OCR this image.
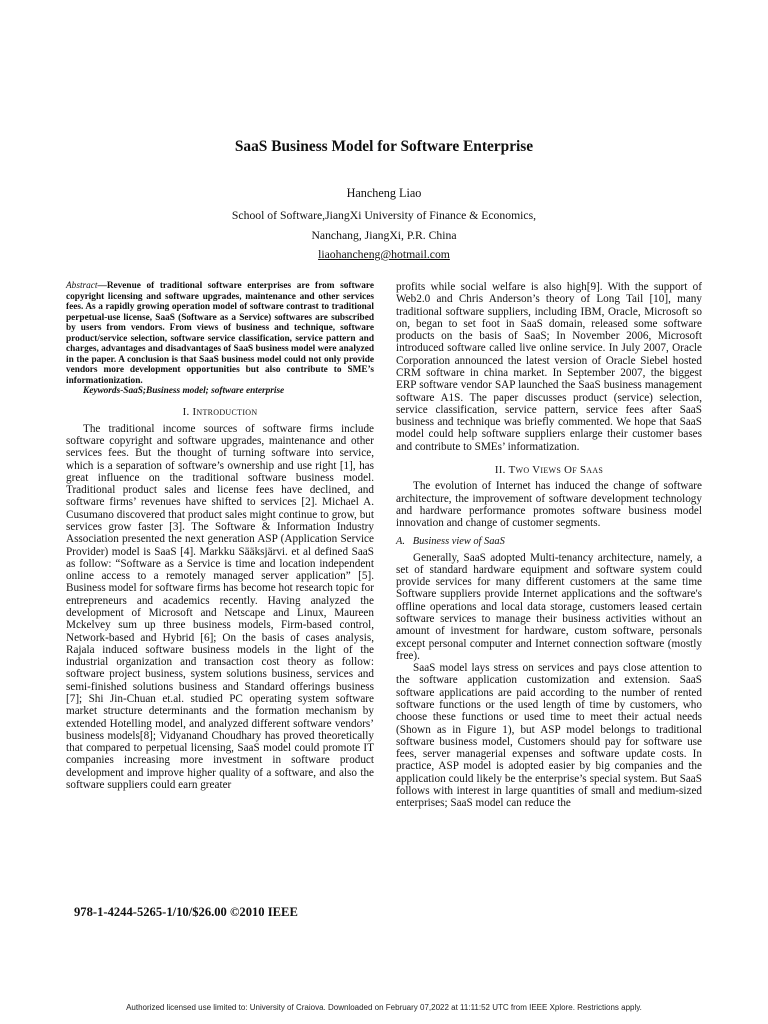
SaaS Business Model for Software Enterprise
Hancheng Liao
School of Software,JiangXi University of Finance & Economics,
Nanchang, JiangXi, P.R. China
liaohancheng@hotmail.com

Abstract—Revenue of traditional software enterprises are from software copyright licensing and software upgrades, maintenance and other services fees. As a rapidly growing operation model of software contrast to traditional perpetual-use license, SaaS (Software as a Service) softwares are subscribed by users from vendors. From views of business and technique, software product/service selection, software service classification, service pattern and charges, advantages and disadvantages of SaaS business model were analyzed in the paper. A conclusion is that SaaS business model could not only provide vendors more development opportunities but also contribute to SME’s informationization.

Keywords-SaaS;Business model; software enterprise

I. Introduction

The traditional income sources of software firms include software copyright and software upgrades, maintenance and other services fees. But the thought of turning software into service, which is a separation of software’s ownership and use right [1], has great influence on the traditional software business model. Traditional product sales and license fees have declined, and software firms’ revenues have shifted to services [2]. Michael A. Cusumano discovered that product sales might continue to grow, but services grow faster [3]. The Software & Information Industry Association presented the next generation ASP (Application Service Provider) model is SaaS [4]. Markku Sääksjärvi. et al defined SaaS as follow: “Software as a Service is time and location independent online access to a remotely managed server application” [5]. Business model for software firms has become hot research topic for entrepreneurs and academics recently. Having analyzed the development of Microsoft and Netscape and Linux, Maureen Mckelvey sum up three business models, Firm-based control, Network-based and Hybrid [6]; On the basis of cases analysis, Rajala induced software business models in the light of the industrial organization and transaction cost theory as follow: software project business, system solutions business, services and semi-finished solutions business and Standard offerings business [7]; Shi Jin-Chuan et.al. studied PC operating system software market structure determinants and the formation mechanism by extended Hotelling model, and analyzed different software vendors’ business models[8]; Vidyanand Choudhary has proved theoretically that compared to perpetual licensing, SaaS model could promote IT companies increasing more investment in software product development and improve higher quality of a software, and also the software suppliers could earn greater

profits while social welfare is also high[9]. With the support of Web2.0 and Chris Anderson’s theory of Long Tail [10], many traditional software suppliers, including IBM, Oracle, Microsoft so on, began to set foot in SaaS domain, released some software products on the basis of SaaS; In November 2006, Microsoft introduced software called live online service. In July 2007, Oracle Corporation announced the latest version of Oracle Siebel hosted CRM software in china market. In September 2007, the biggest ERP software vendor SAP launched the SaaS business management software A1S. The paper discusses product (service) selection, service classification, service pattern, service fees after SaaS business and technique was briefly commented. We hope that SaaS model could help software suppliers enlarge their customer bases and contribute to SMEs’ informatization.

II. Two Views Of Saas

The evolution of Internet has induced the change of software architecture, the improvement of software development technology and hardware performance promotes software business model innovation and change of customer segments.

A. Business view of SaaS

Generally, SaaS adopted Multi-tenancy architecture, namely, a set of standard hardware equipment and software system could provide services for many different customers at the same time Software suppliers provide Internet applications and the software's offline operations and local data storage, customers leased certain software services to manage their business activities without an amount of investment for hardware, custom software, personals except personal computer and Internet connection software (mostly free).

SaaS model lays stress on services and pays close attention to the software application customization and extension. SaaS software applications are paid according to the number of rented software functions or the used length of time by customers, who choose these functions or used time to meet their actual needs (Shown as in Figure 1), but ASP model belongs to traditional software business model, Customers should pay for software use fees, server managerial expenses and software update costs. In practice, ASP model is adopted easier by big companies and the application could likely be the enterprise’s special system. But SaaS follows with interest in large quantities of small and medium-sized enterprises; SaaS model can reduce the

978-1-4244-5265-1/10/$26.00 ©2010 IEEE
Authorized licensed use limited to: University of Craiova. Downloaded on February 07,2022 at 11:11:52 UTC from IEEE Xplore. Restrictions apply.
